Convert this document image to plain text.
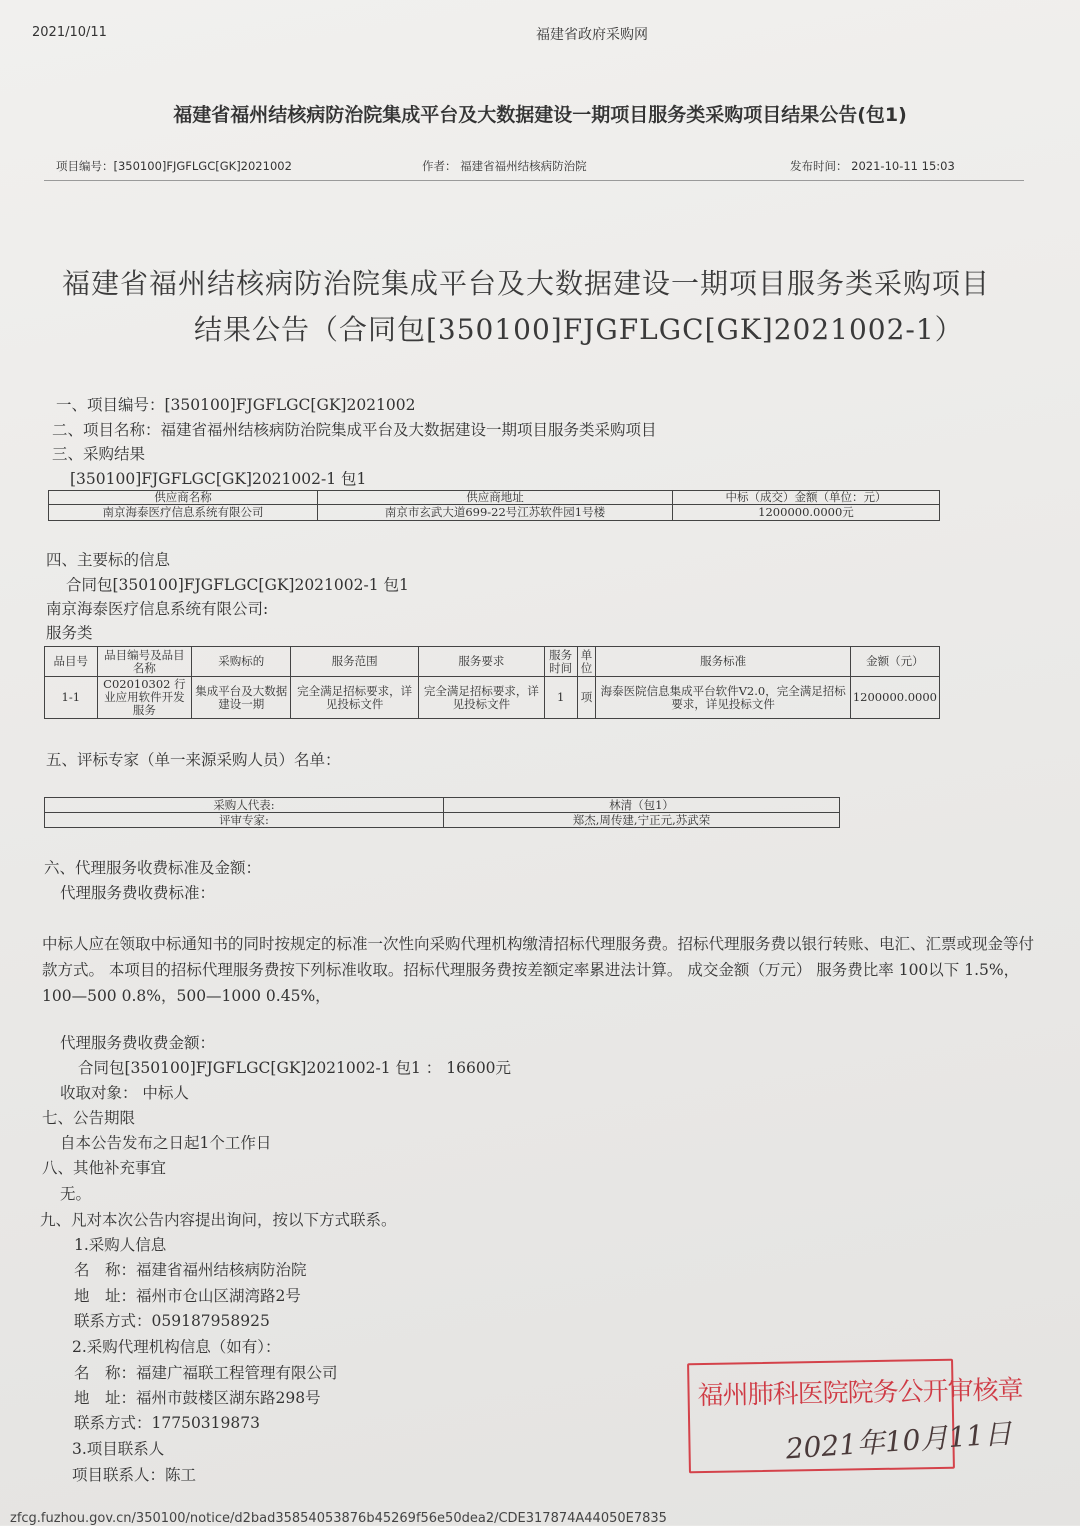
2021/10/11	福建省政府采购网
福建省福州结核病防治院集成平台及大数据建设一期项目服务类采购项目结果公告(包1)
项目编号：[350100]FJGFLGC[GK]2021002	作者： 福建省福州结核病防治院	发布时间： 2021-10-11 15:03
福建省福州结核病防治院集成平台及大数据建设一期项目服务类采购项目
结果公告（合同包[350100]FJGFLGC[GK]2021002-1）
一、项目编号：[350100]FJGFLGC[GK]2021002
二、项目名称：福建省福州结核病防治院集成平台及大数据建设一期项目服务类采购项目
三、采购结果
[350100]FJGFLGC[GK]2021002-1 包1
供应商名称	供应商地址	中标（成交）金额（单位：元）
南京海泰医疗信息系统有限公司	南京市玄武大道699-22号江苏软件园1号楼	1200000.0000元
四、主要标的信息
合同包[350100]FJGFLGC[GK]2021002-1 包1
南京海泰医疗信息系统有限公司:
服务类
品目号	品目编号及品目名称	采购标的	服务范围	服务要求	服务时间	单位	服务标准	金额（元）
1-1	C02010302 行业应用软件开发服务	集成平台及大数据建设一期	完全满足招标要求，详见投标文件	完全满足招标要求，详见投标文件	1	项	海泰医院信息集成平台软件V2.0，完全满足招标要求，详见投标文件	1200000.0000
五、评标专家（单一来源采购人员）名单：
采购人代表:	林清（包1）
评审专家:	郑杰,周传建,宁正元,苏武荣
六、代理服务收费标准及金额：
代理服务费收费标准：
中标人应在领取中标通知书的同时按规定的标准一次性向采购代理机构缴清招标代理服务费。招标代理服务费以银行转账、电汇、汇票或现金等付款方式。 本项目的招标代理服务费按下列标准收取。招标代理服务费按差额定率累进法计算。 成交金额（万元） 服务费比率 100以下 1.5%，100—500 0.8%，500—1000 0.45%，
代理服务费收费金额：
合同包[350100]FJGFLGC[GK]2021002-1 包1 ： 16600元
收取对象： 中标人
七、公告期限
自本公告发布之日起1个工作日
八、其他补充事宜
无。
九、凡对本次公告内容提出询问，按以下方式联系。
1.采购人信息
名　称：福建省福州结核病防治院
地　址：福州市仓山区湖湾路2号
联系方式：059187958925
2.采购代理机构信息（如有）：
名　称：福建广福联工程管理有限公司
地　址：福州市鼓楼区湖东路298号
联系方式：17750319873
3.项目联系人
项目联系人：陈工
福州肺科医院院务公开审核章
2021年10月11日
zfcg.fuzhou.gov.cn/350100/notice/d2bad35854053876b45269f56e50dea2/CDE317874A44050E7835
